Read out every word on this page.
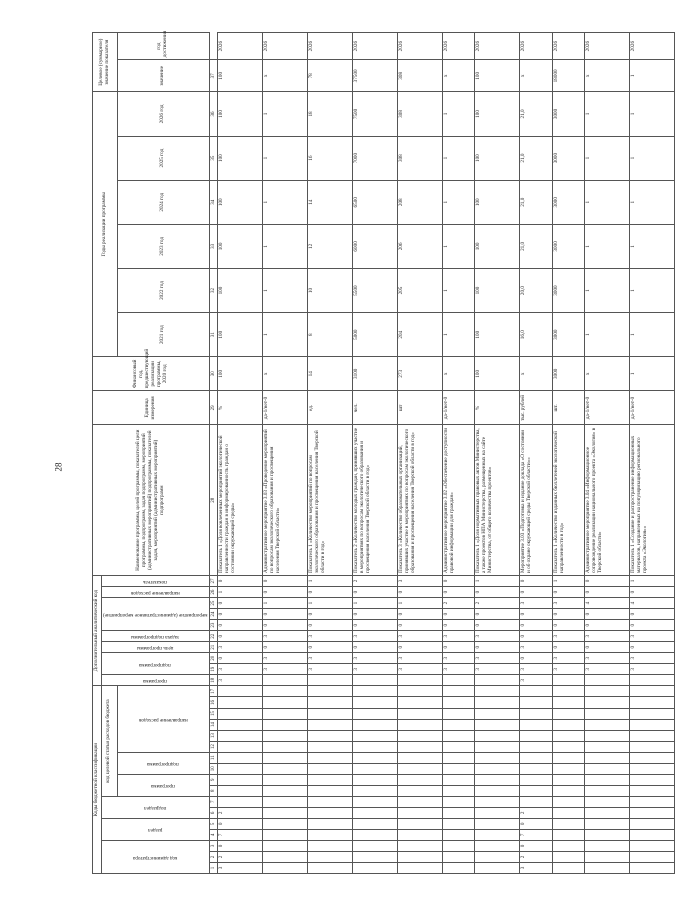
28
Коды бюджетной классификации																	Дополнительный аналитический код										Наименование программы, целей программы, показателей цели программы, подпрограмм, задач подпрограмм, мероприятий (административных мероприятий) подпрограммы, показателей задач, мероприятий (административных мероприятий) подпрограмм	Единица измерения	Финансовый год, предшествующий реализации программы, 2020 год	Годы реализации программы						Целевое (суммарное) значение показателя	

код администратора			раздел		подраздел		код целевой статьи расходов бюджета										программа	подпрограмма		цель программы	задача подпрограммы	мероприятие (административное мероприятие)			направление расходов	показатель											

							программа		подпрограмма		направление расходов																			2021 год	2022 год	2023 год	2024 год	2025 год	2026 год	значение	год достижения
1	2	3	4	5	6	7	8	9	10	11	12	13	14	15	16	17	18	19	20	21	22	23	24	25	26	27	28	29	30	31	32	33	34	35	36	37	
3	2	0	7	0	2												3	3	0	3	0	0	0	0	1	0	Показатель 1 «Доля вовлеченных мероприятий экологической направленности граждан в информированность граждан о состоянии окружающей среды»	%	100	100	100	100	100	100	100	100	2026
																		3	3	0	3	0	0	1	0	0	Административное мероприятие 3.03 «Проведение мероприятий по вопросам экологического образования и просвещения населения Тверской области»	да-1/нет-0	х	1	1	1	1	1	1	х	2026
																		3	3	0	3	0	0	1	0	1	Показатель 1 «Количество мероприятий по вопросам экологического образования и просвещения населения Тверской области в год»	ед.	14	8	10	12	14	16	18	78	2026
																		3	3	0	3	0	0	1	0	2	Показатель 2 «Количество молодых граждан, принявших участие в мероприятиях по вопросам экологического образования и просвещения населения Тверской области в год»	чел.	3100	5000	5500	6000	6500	7000	7500	37500	2026
																		3	3	0	3	0	0	1	0	3	Показатель 3 «Количество образовательных организаций, принявших участие в мероприятиях по вопросам экологического образования и просвещения населения Тверской области в год»	шт	273	204	205	206	208	308	308	308	2026
																		3	3	0	3	0	0	2	0	0	Административное мероприятие 3.02 «Обеспечение доступности правовой информации для граждан»	да-1/нет-0	х	1	1	1	1	1	1	х	2026
																		3	3	0	3	0	0	2	0	1	Показатель 1 «Доля нормативных правовых актов Министерства, а также проектов НПА Министерства, размещенных на сайте Министерства, от общего количества проектов»	%	100	100	100	100	100	100	100	100	2026
3	2	0	7	0	2												3	3	0	3	0	0	0	3	0	0	Мероприятие 3.03 «Подготовка и издание доклада «О состоянии и об охране окружающей среды Тверской области»»	тыс. рублей	х	16,0	20,0	21,0	21,0	21,0	21,0	х	2026
																		3	3	0	3	0	0	3	0	1	Показатель 1 «Количество изданных бюллетеней экологической направленности в год»	шт.	3000	3000	3000	3000	3000	3000	3000	18000	2026
																		3	3	0	3	0	0	4	0	0	Административное мероприятие 3.04 «Информационное сопровождение реализации национального проекта «Экология» в Тверской области»	да-1/нет-0	х	1	1	1	1	1	1	х	2026
																		3	3	0	3	0	0	4	0	1	Показатель 1 «Создание и распространение информационных материалов, направленных на популяризацию регионального проекта «Экология»»	да-1/нет-0	1	1	1	1	1	1	1	1	2026
